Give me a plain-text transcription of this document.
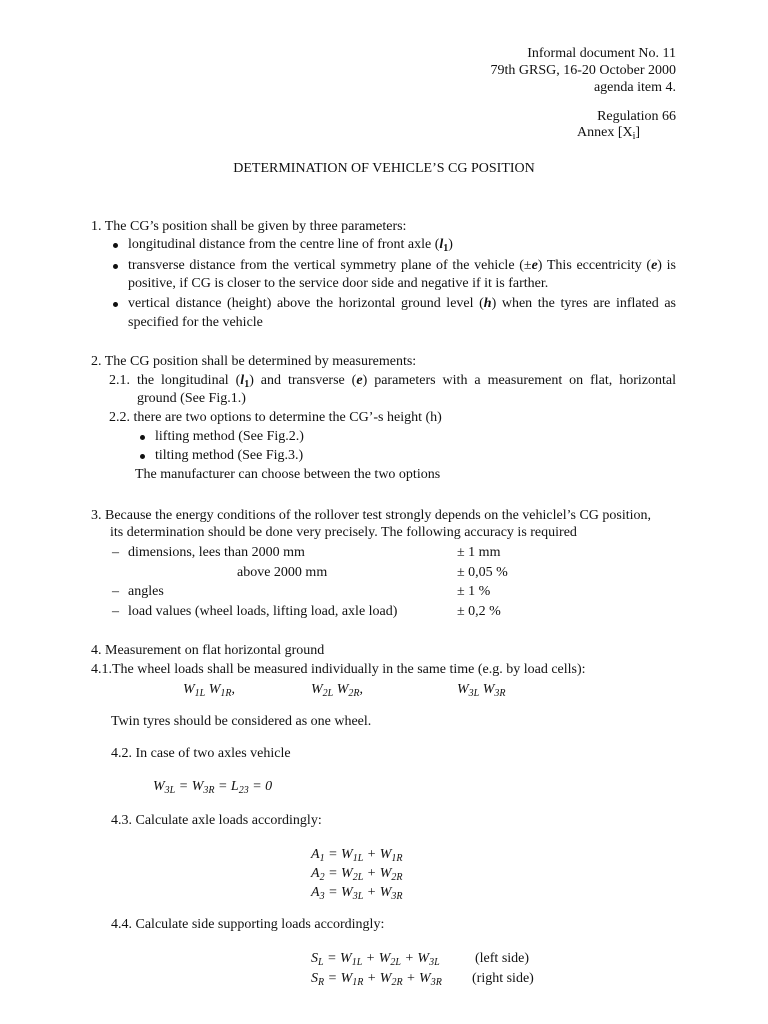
Informal document No. 11
79th GRSG, 16-20 October 2000
agenda item 4.
Regulation 66
Annex $[X_i]$
DETERMINATION OF VEHICLE’S CG POSITION
1. The CG’s position shall be given by three parameters:
longitudinal distance from the centre line of front axle $(l_1)$
transverse distance from the vertical symmetry plane of the vehicle (±e) This eccentricity (e) is
positive, if CG is closer to the service door side and negative if it is farther.
vertical distance (height) above the horizontal ground level (h) when the tyres are inflated as
specified for the vehicle
2. The CG position shall be determined by measurements:
2.1. the longitudinal $(l_1)$ and transverse (e) parameters with a measurement on flat, horizontal
ground (See Fig.1.)
2.2. there are two options to determine the CG’-s height (h)
lifting method (See Fig.2.)
tilting method (See Fig.3.)
The manufacturer can choose between the two options
3. Because the energy conditions of the rollover test strongly depends on the vehiclel’s CG position,
its determination should be done very precisely. The following accuracy is required
– dimensions, lees than 2000 mm	± 1 mm
above 2000 mm	± 0,05 %
– angles	± 1 %
– load values (wheel loads, lifting load, axle load)	± 0,2 %
4. Measurement on flat horizontal ground
4.1.The wheel loads shall be measured individually in the same time (e.g. by load cells):
$W_{1L}$ $W_{1R}$,	$W_{2L}$ $W_{2R}$,	$W_{3L}$ $W_{3R}$
Twin tyres should be considered as one wheel.
4.2. In case of two axles vehicle
$W_{3L} = W_{3R} = L_{23} = 0$
4.3. Calculate axle loads accordingly:
$A_1 = W_{1L} + W_{1R}$
$A_2 = W_{2L} + W_{2R}$
$A_3 = W_{3L} + W_{3R}$
4.4. Calculate side supporting loads accordingly:
$S_L = W_{1L} + W_{2L} + W_{3L}$	(left side)
$S_R = W_{1R} + W_{2R} + W_{3R}$ (right side)
